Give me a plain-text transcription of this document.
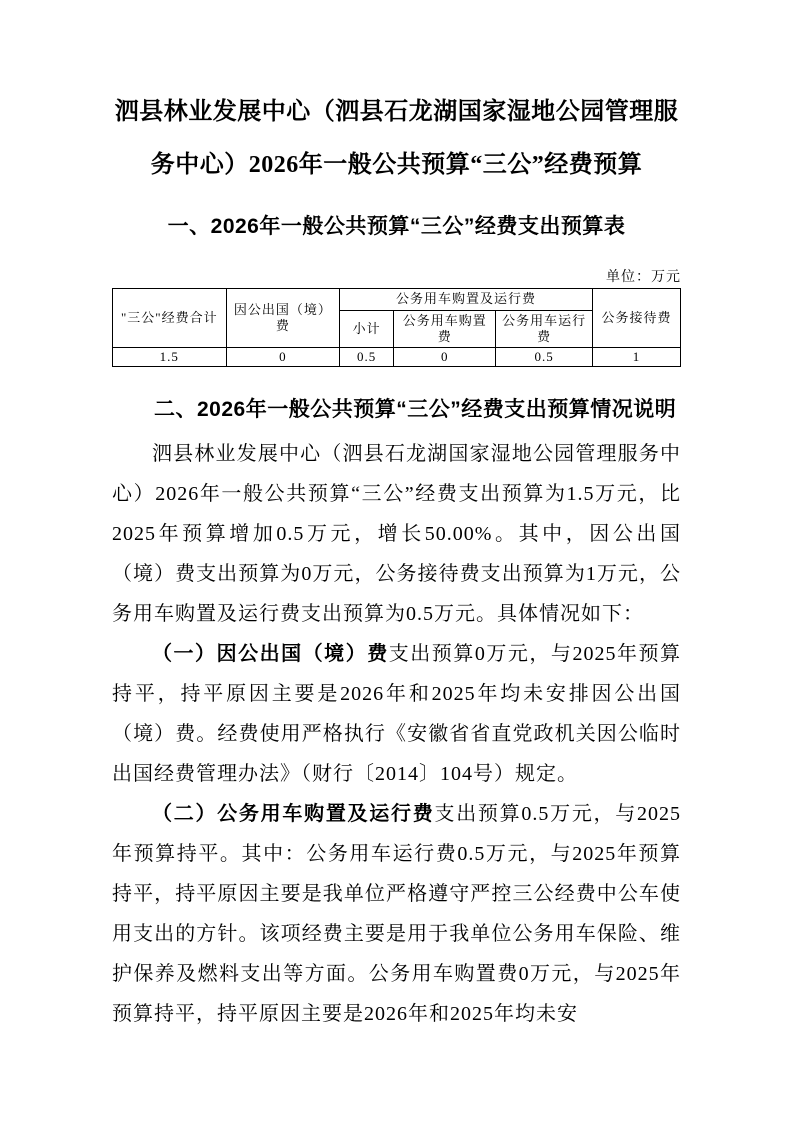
泗县林业发展中心（泗县石龙湖国家湿地公园管理服务中心）2026年一般公共预算“三公”经费预算
一、2026年一般公共预算“三公”经费支出预算表
单位：万元
"三公"经费合计	因公出国（境）费	公务用车购置及运行费			公务接待费
		小计	公务用车购置费	公务用车运行费	
1.5	0	0.5	0	0.5	1
二、2026年一般公共预算“三公”经费支出预算情况说明

泗县林业发展中心（泗县石龙湖国家湿地公园管理服务中心）2026年一般公共预算“三公”经费支出预算为1.5万元，比2025年预算增加0.5万元，增长50.00%。其中，因公出国（境）费支出预算为0万元，公务接待费支出预算为1万元，公务用车购置及运行费支出预算为0.5万元。具体情况如下：

（一）因公出国（境）费支出预算0万元，与2025年预算持平，持平原因主要是2026年和2025年均未安排因公出国（境）费。经费使用严格执行《安徽省省直党政机关因公临时出国经费管理办法》（财行〔2014〕104号）规定。

（二）公务用车购置及运行费支出预算0.5万元，与2025年预算持平。其中：公务用车运行费0.5万元，与2025年预算持平，持平原因主要是我单位严格遵守严控三公经费中公车使用支出的方针。该项经费主要是用于我单位公务用车保险、维护保养及燃料支出等方面。公务用车购置费0万元，与2025年预算持平，持平原因主要是2026年和2025年均未安
